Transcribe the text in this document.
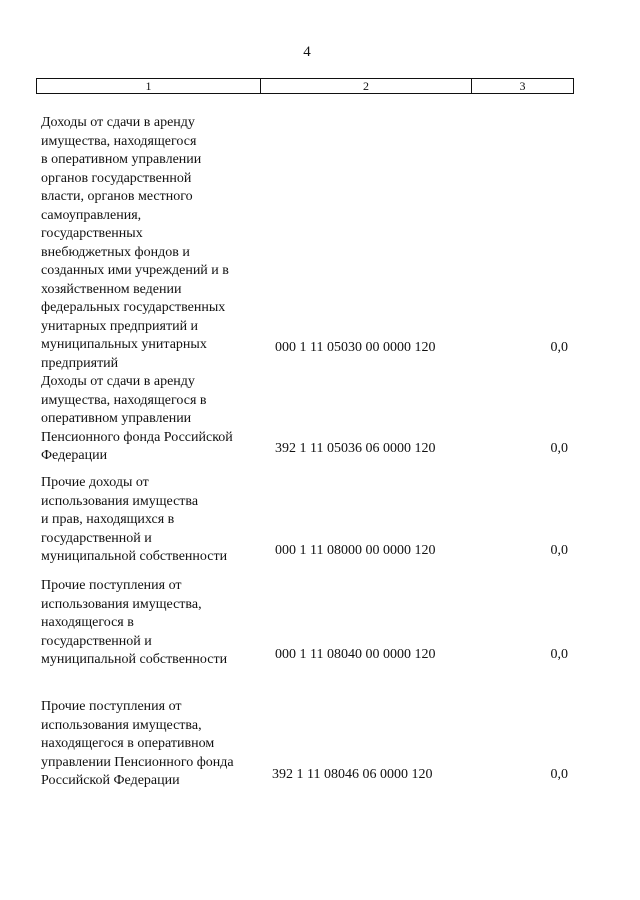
4
1	2	3
Доходы от сдачи в аренду
имущества, находящегося
в оперативном управлении
органов государственной
власти, органов местного
самоуправления,
государственных
внебюджетных фондов и
созданных ими учреждений и в
хозяйственном ведении
федеральных государственных
унитарных предприятий и
муниципальных унитарных
предприятий
000 1 11 05030 00 0000 120	0,0
Доходы от сдачи в аренду
имущества, находящегося в
оперативном управлении
Пенсионного фонда Российской
Федерации	392 1 11 05036 06 0000 120	0,0
Прочие доходы от
использования имущества
и прав, находящихся в
государственной и
муниципальной собственности	000 1 11 08000 00 0000 120	0,0
Прочие поступления от
использования имущества,
находящегося в
государственной и
муниципальной собственности	000 1 11 08040 00 0000 120	0,0
Прочие поступления от
использования имущества,
находящегося в оперативном
управлении Пенсионного фонда
Российской Федерации	392 1 11 08046 06 0000 120	0,0
